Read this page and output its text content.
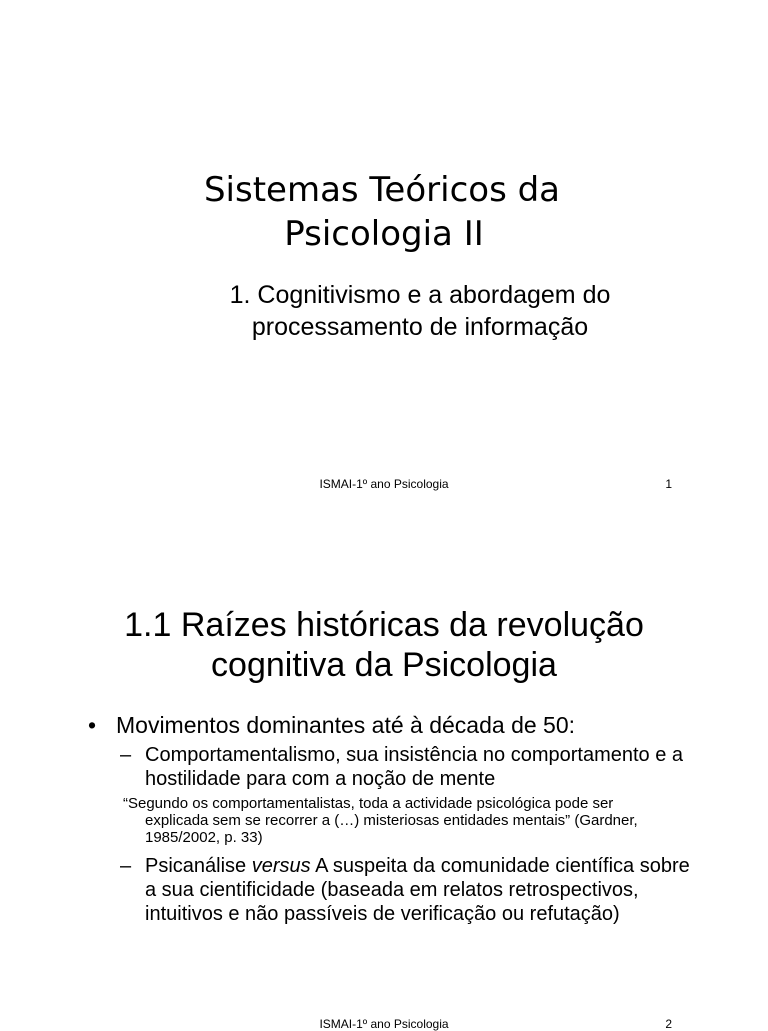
Sistemas Teóricos da
Psicologia II
1. Cognitivismo e a abordagem do
processamento de informação
ISMAI-1º ano Psicologia	1
1.1 Raízes históricas da revolução
cognitiva da Psicologia
• Movimentos dominantes até à década de 50:
– Comportamentalismo, sua insistência no comportamento e a hostilidade para com a noção de mente
“Segundo os comportamentalistas, toda a actividade psicológica pode ser explicada sem se recorrer a (…) misteriosas entidades mentais” (Gardner, 1985/2002, p. 33)
– Psicanálise versus A suspeita da comunidade científica sobre a sua cientificidade (baseada em relatos retrospectivos, intuitivos e não passíveis de verificação ou refutação)
ISMAI-1º ano Psicologia	2
